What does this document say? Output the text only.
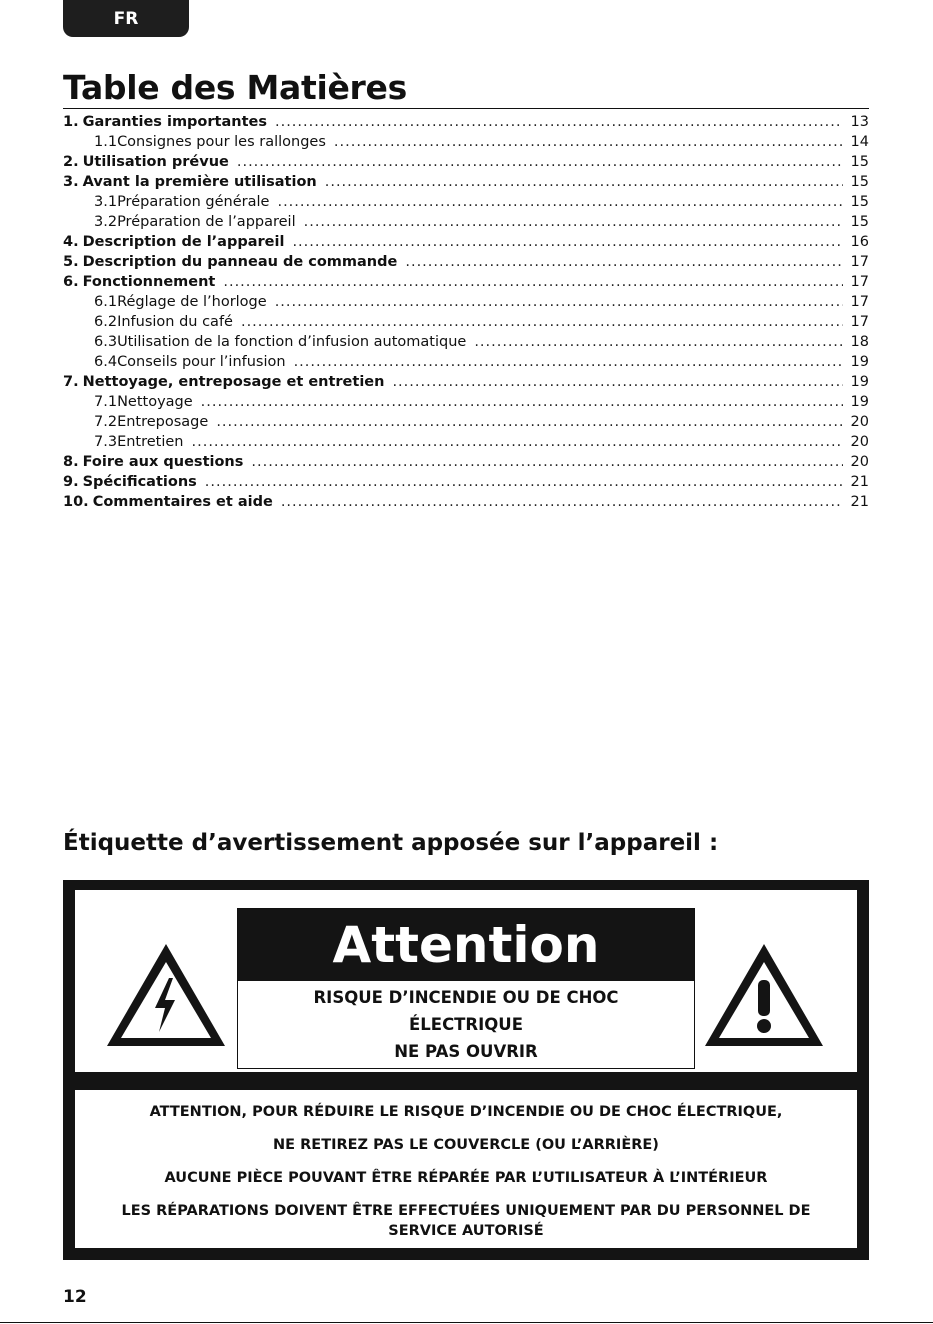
FR
Table des Matières
1. Garanties importantes .....	13
1.1 Consignes pour les rallonges .....	14
2. Utilisation prévue .....	15
3. Avant la première utilisation .....	15
3.1 Préparation générale .....	15
3.2 Préparation de l’appareil .....	15
4. Description de l’appareil .....	16
5. Description du panneau de commande .....	17
6. Fonctionnement .....	17
6.1 Réglage de l’horloge .....	17
6.2 Infusion du café .....	17
6.3 Utilisation de la fonction d’infusion automatique .....	18
6.4 Conseils pour l’infusion .....	19
7. Nettoyage, entreposage et entretien .....	19
7.1 Nettoyage .....	19
7.2 Entreposage .....	20
7.3 Entretien .....	20
8. Foire aux questions .....	20
9. Spécifications .....	21
10. Commentaires et aide .....	21
Étiquette d’avertissement apposée sur l’appareil :
Attention
RISQUE D’INCENDIE OU DE CHOC
ÉLECTRIQUE
NE PAS OUVRIR

ATTENTION, POUR RÉDUIRE LE RISQUE D’INCENDIE OU DE CHOC ÉLECTRIQUE,

NE RETIREZ PAS LE COUVERCLE (OU L’ARRIÈRE)

AUCUNE PIÈCE POUVANT ÊTRE RÉPARÉE PAR L’UTILISATEUR À L’INTÉRIEUR

LES RÉPARATIONS DOIVENT ÊTRE EFFECTUÉES UNIQUEMENT PAR DU PERSONNEL DE SERVICE AUTORISÉ

12
